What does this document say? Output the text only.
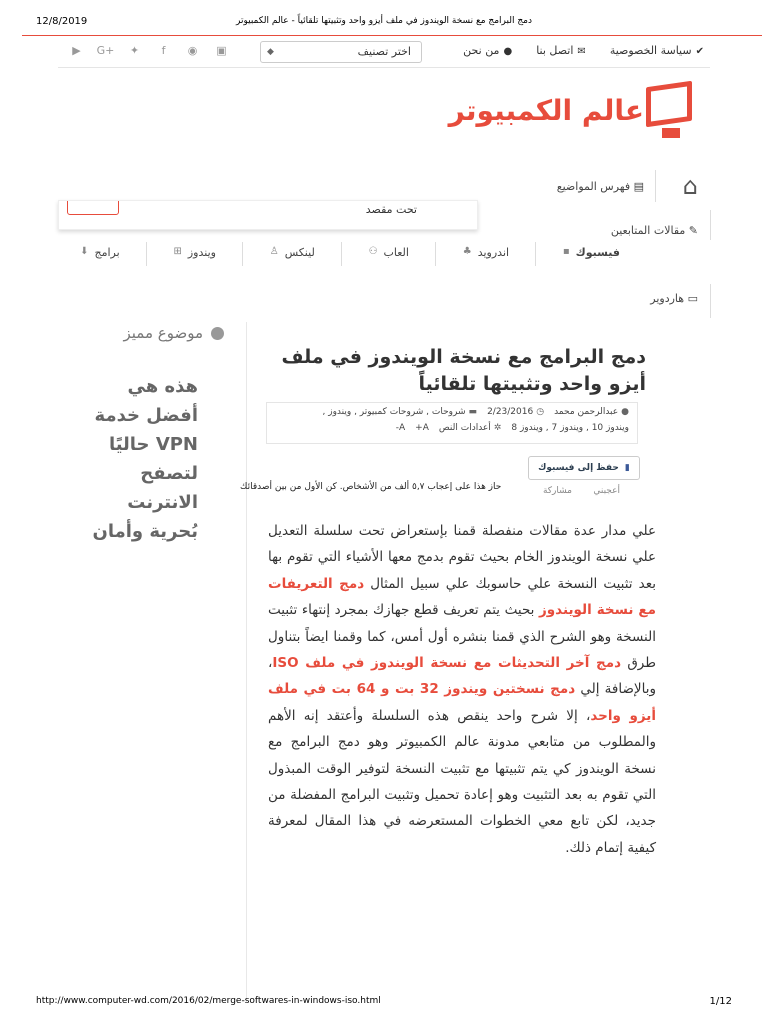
12/8/2019	دمج البرامج مع نسخة الويندوز في ملف أيزو واحد وتثبيتها تلقائياً - عالم الكمبيوتر
▶	G+	✦	f	◉	▣	اختر تصنيف
◆	●من نحن	✉اتصل بنا	✔سياسة الخصوصية
عالم الكمبيوتر
⌂
▤ فهرس المواضيع
تحت مقصد
✎ مقالات المتابعين
⬇ برامج	⊞ ويندوز	♙ لينكس	⚇ العاب	♣ اندرويد	▪ فيسبوك
▭ هاردوير
موضوع مميز
هذه هي
أفضل خدمة
VPN حاليًا
لتصفح
الانترنت
بُحرية وأمان
دمج البرامج مع نسخة الويندوز في ملف أيزو واحد وتثبيتها تلقائياً
●عبدالرحمن محمد
◷2/23/2016
▬شروحات , شروحات كمبيوتر , ويندوز ,
ويندوز 10 , ويندوز 7 , ويندوز 8
✲أعدادات النص
A+
A-
▮حفظ إلى فيسبوك
أعجبني
مشاركة
حاز هذا على إعجاب ٥,٧ ألف من الأشخاص. كن الأول من بين أصدقائك
علي مدار عدة مقالات منفصلة قمنا بإستعراض تحت سلسلة التعديل علي نسخة الويندوز الخام بحيث تقوم بدمج معها الأشياء التي تقوم بها بعد تثبيت النسخة علي حاسوبك علي سبيل المثال دمج التعريفات مع نسخة الويندوز بحيث يتم تعريف قطع جهازك بمجرد إنتهاء تثبيت النسخة وهو الشرح الذي قمنا بنشره أول أمس، كما وقمنا ايضاً بتناول طرق دمج آخر التحديثات مع نسخة الويندوز في ملف ISO، وبالإضافة إلي دمج نسختين ويندوز 32 بت و 64 بت في ملف أيزو واحد، إلا شرح واحد ينقص هذه السلسلة وأعتقد إنه الأهم والمطلوب من متابعي مدونة عالم الكمبيوتر وهو دمج البرامج مع نسخة الويندوز كي يتم تثبيتها مع تثبيت النسخة لتوفير الوقت المبذول التي تقوم به بعد التثبيت وهو إعادة تحميل وتثبيت البرامج المفضلة من جديد، لكن تابع معي الخطوات المستعرضه في هذا المقال لمعرفة كيفية إتمام ذلك.
http://www.computer-wd.com/2016/02/merge-softwares-in-windows-iso.html	1/12
